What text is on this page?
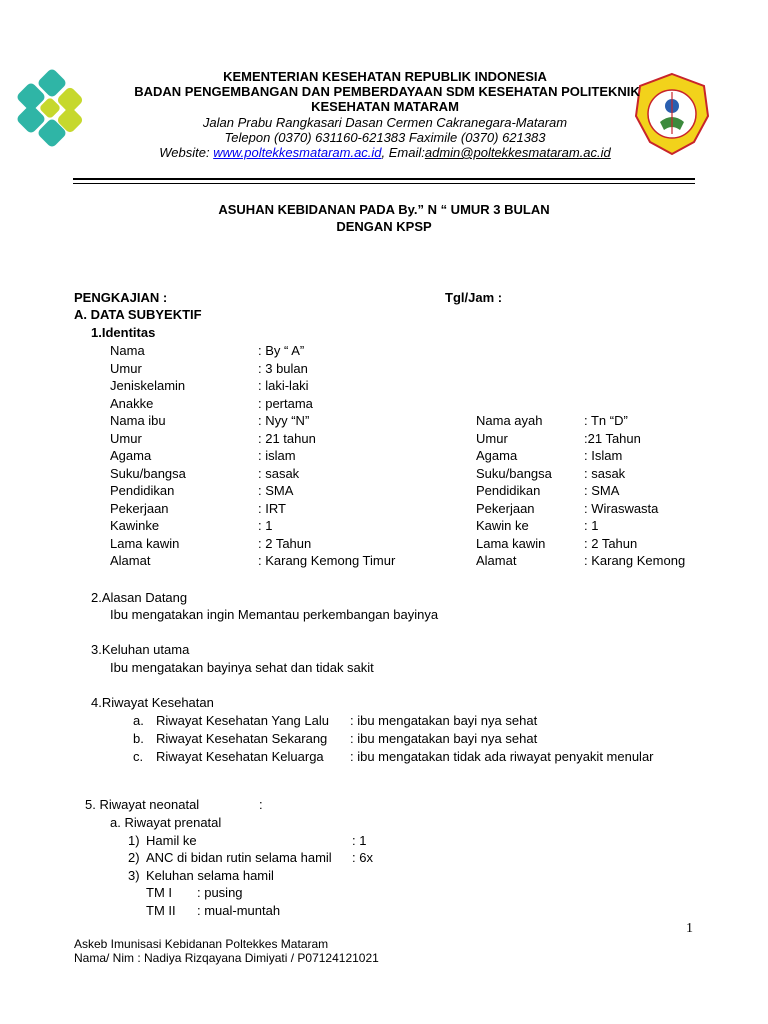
KEMENTERIAN KESEHATAN REPUBLIK INDONESIA
BADAN PENGEMBANGAN DAN PEMBERDAYAAN SDM KESEHATAN POLITEKNIK
KESEHATAN MATARAM
Jalan Prabu Rangkasari Dasan Cermen Cakranegara-Mataram
Telepon (0370) 631160-621383 Faximile (0370) 621383
Website: www.poltekkesmataram.ac.id, Email:admin@poltekkesmataram.ac.id
ASUHAN KEBIDANAN PADA By.” N “ UMUR 3 BULAN
DENGAN KPSP
PENGKAJIAN :	Tgl/Jam :
A. DATA SUBYEKTIF
1.Identitas
Nama	: By “ A”
Umur	: 3 bulan
Jeniskelamin	: laki-laki
Anakke	: pertama
Nama ibu	: Nyy “N”	Nama ayah	: Tn “D”
Umur	: 21 tahun	Umur	:21 Tahun
Agama	: islam	Agama	: Islam
Suku/bangsa	: sasak	Suku/bangsa : sasak
Pendidikan	: SMA	Pendidikan	: SMA
Pekerjaan	: IRT	Pekerjaan	: Wiraswasta
Kawinke	: 1	Kawin ke	: 1
Lama kawin	: 2 Tahun	Lama kawin	: 2 Tahun
Alamat	: Karang Kemong Timur	Alamat	: Karang Kemong
2.Alasan Datang
Ibu mengatakan ingin Memantau perkembangan bayinya
3.Keluhan utama
Ibu mengatakan bayinya sehat dan tidak sakit
4.Riwayat Kesehatan
a. Riwayat Kesehatan Yang Lalu : ibu mengatakan bayi nya sehat
b. Riwayat Kesehatan Sekarang : ibu mengatakan bayi nya sehat
c. Riwayat Kesehatan Keluarga : ibu mengatakan tidak ada riwayat penyakit menular
5. Riwayat neonatal	:
a. Riwayat prenatal
1) Hamil ke	: 1
2) ANC di bidan rutin selama hamil : 6x
3) Keluhan selama hamil
TM I : pusing
TM II : mual-muntah
1
Askeb Imunisasi Kebidanan Poltekkes Mataram
Nama/ Nim : Nadiya Rizqayana Dimiyati / P07124121021
